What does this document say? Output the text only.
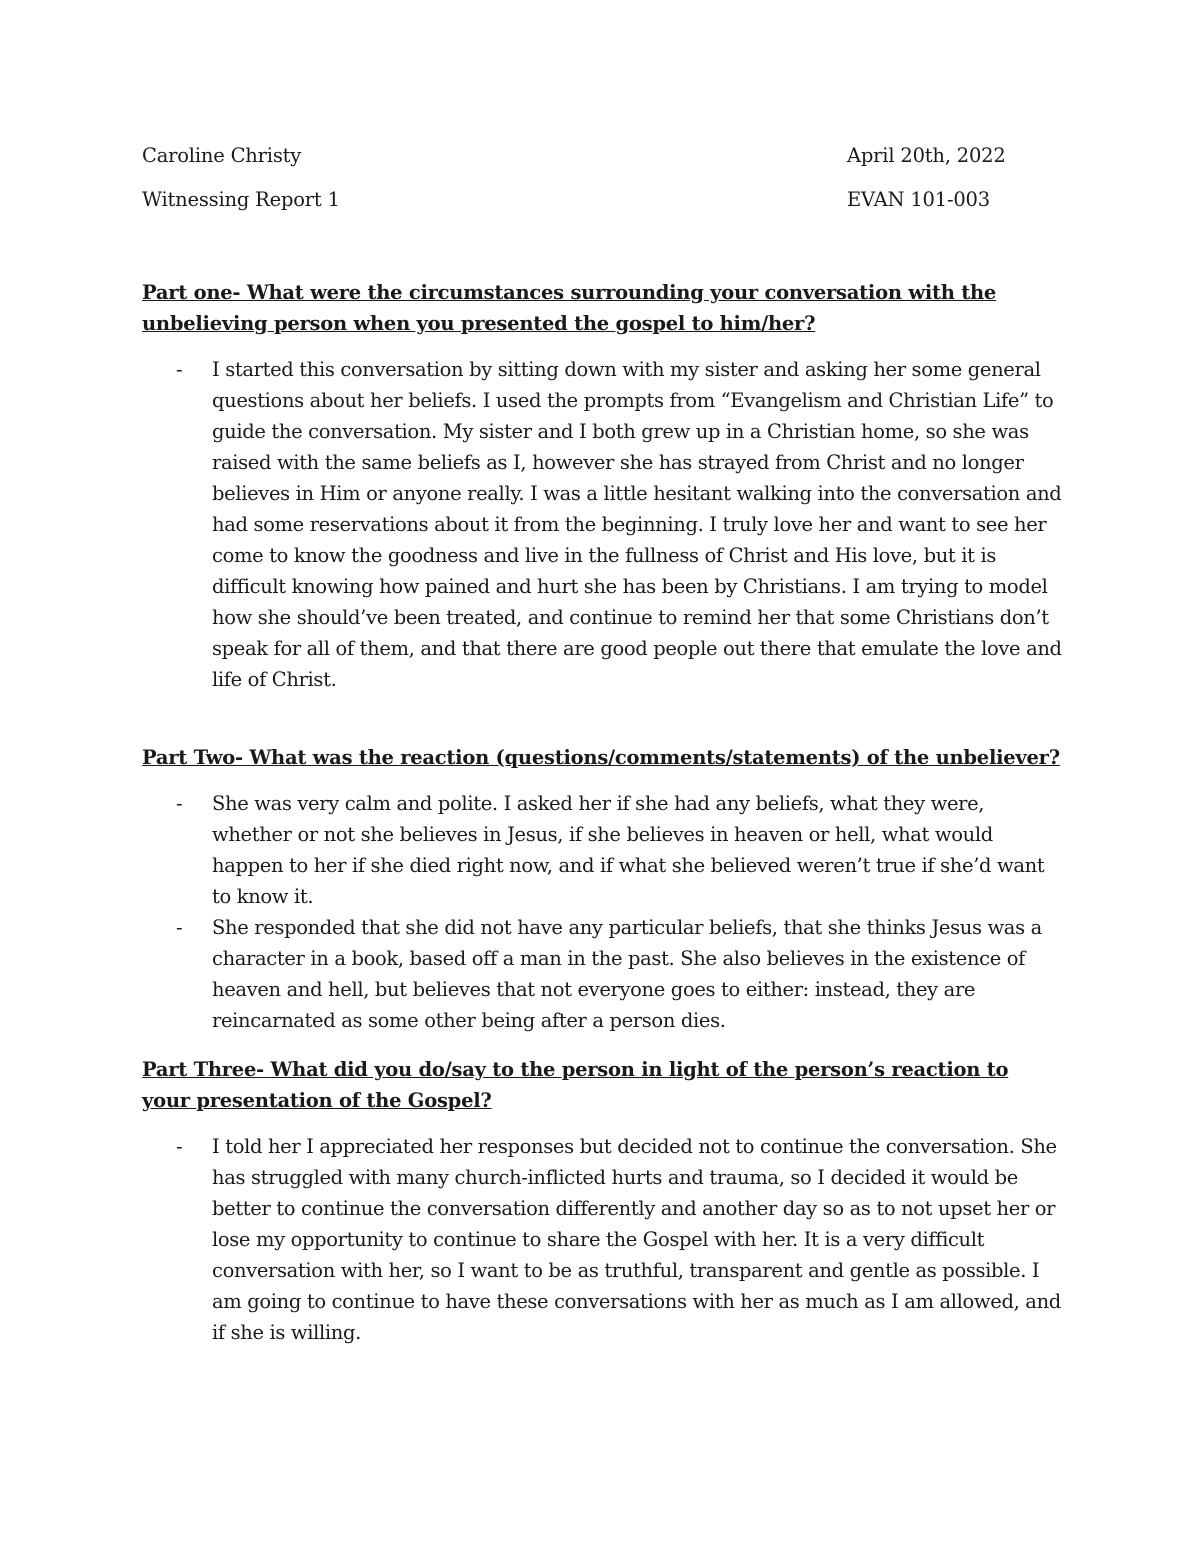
Caroline Christy	April 20th, 2022
Witnessing Report 1	EVAN 101-003

Part one- What were the circumstances surrounding your conversation with the unbelieving person when you presented the gospel to him/her?

- I started this conversation by sitting down with my sister and asking her some general questions about her beliefs. I used the prompts from “Evangelism and Christian Life” to guide the conversation. My sister and I both grew up in a Christian home, so she was raised with the same beliefs as I, however she has strayed from Christ and no longer believes in Him or anyone really. I was a little hesitant walking into the conversation and had some reservations about it from the beginning. I truly love her and want to see her come to know the goodness and live in the fullness of Christ and His love, but it is difficult knowing how pained and hurt she has been by Christians. I am trying to model how she should’ve been treated, and continue to remind her that some Christians don’t speak for all of them, and that there are good people out there that emulate the love and life of Christ.

Part Two- What was the reaction (questions/comments/statements) of the unbeliever?

- She was very calm and polite. I asked her if she had any beliefs, what they were, whether or not she believes in Jesus, if she believes in heaven or hell, what would happen to her if she died right now, and if what she believed weren’t true if she’d want to know it.
- She responded that she did not have any particular beliefs, that she thinks Jesus was a character in a book, based off a man in the past. She also believes in the existence of heaven and hell, but believes that not everyone goes to either: instead, they are reincarnated as some other being after a person dies.

Part Three- What did you do/say to the person in light of the person’s reaction to your presentation of the Gospel?

- I told her I appreciated her responses but decided not to continue the conversation. She has struggled with many church-inflicted hurts and trauma, so I decided it would be better to continue the conversation differently and another day so as to not upset her or lose my opportunity to continue to share the Gospel with her. It is a very difficult conversation with her, so I want to be as truthful, transparent and gentle as possible. I am going to continue to have these conversations with her as much as I am allowed, and if she is willing.
